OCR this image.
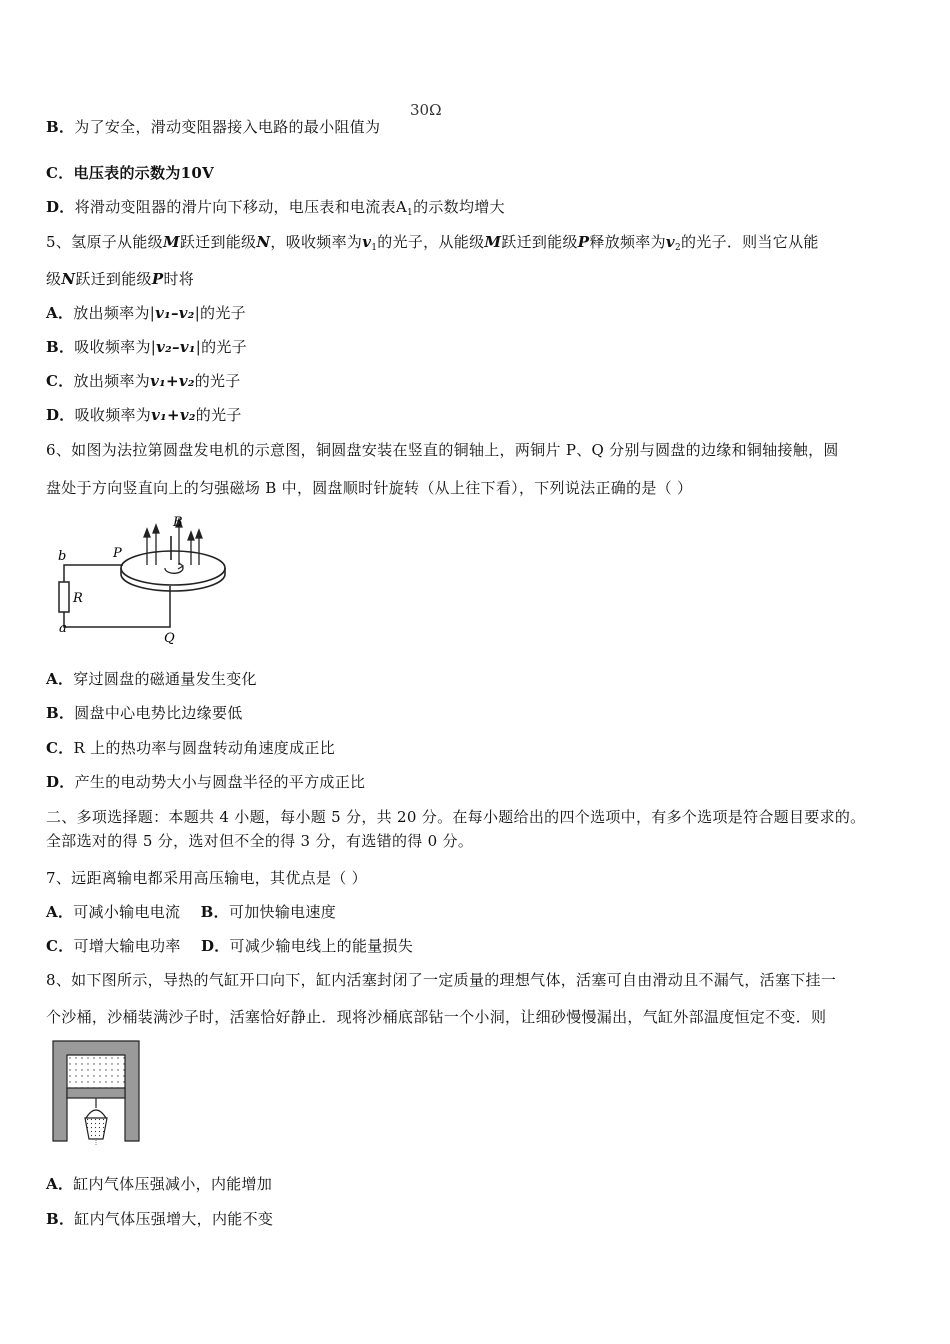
B．为了安全，滑动变阻器接入电路的最小阻值为
30Ω
C．电压表的示数为10V
D．将滑动变阻器的滑片向下移动，电压表和电流表$A_1$的示数均增大
5、氢原子从能级M跃迁到能级N，吸收频率为$v_1$的光子，从能级M跃迁到能级P释放频率为$v_2$的光子．则当它从能
级N跃迁到能级P时将
A．放出频率为|v₁–v₂|的光子
B．吸收频率为|v₂–v₁|的光子
C．放出频率为v₁+v₂的光子
D．吸收频率为v₁+v₂的光子
6、如图为法拉第圆盘发电机的示意图，铜圆盘安装在竖直的铜轴上，两铜片 P、Q 分别与圆盘的边缘和铜轴接触，圆
盘处于方向竖直向上的匀强磁场 B 中，圆盘顺时针旋转（从上往下看），下列说法正确的是（ ）
b	P
B
R
a
Q
A．穿过圆盘的磁通量发生变化
B．圆盘中心电势比边缘要低
C．R 上的热功率与圆盘转动角速度成正比
D．产生的电动势大小与圆盘半径的平方成正比
二、多项选择题：本题共 4 小题，每小题 5 分，共 20 分。在每小题给出的四个选项中，有多个选项是符合题目要求的。
全部选对的得 5 分，选对但不全的得 3 分，有选错的得 0 分。
7、远距离输电都采用高压输电，其优点是（ ）
A．可减小输电电流 B．可加快输电速度
C．可增大输电功率 D．可减少输电线上的能量损失
8、如下图所示，导热的气缸开口向下，缸内活塞封闭了一定质量的理想气体，活塞可自由滑动且不漏气，活塞下挂一
个沙桶，沙桶装满沙子时，活塞恰好静止．现将沙桶底部钻一个小洞，让细砂慢慢漏出，气缸外部温度恒定不变．则
A．缸内气体压强减小，内能增加
B．缸内气体压强增大，内能不变
